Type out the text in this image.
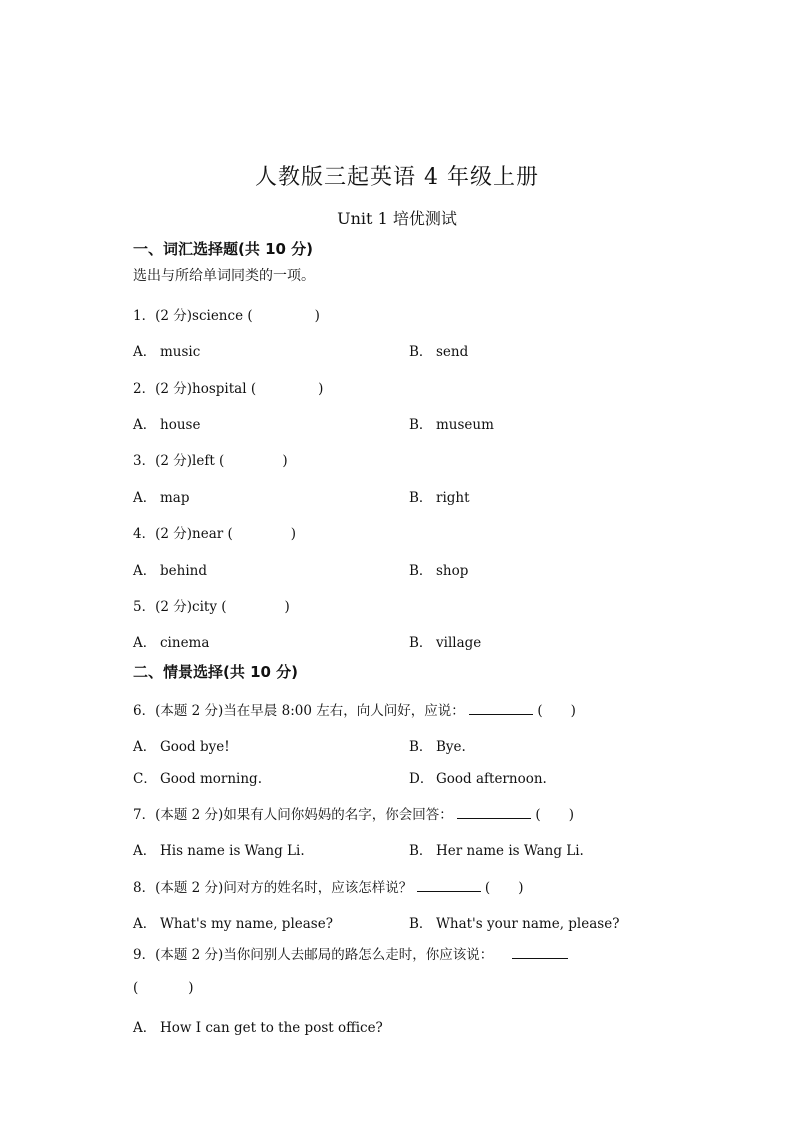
人教版三起英语 4 年级上册
Unit 1 培优测试
一、词汇选择题(共 10 分)
选出与所给单词同类的一项。
1．(2 分)science (	)
A． music	B． send
2．(2 分)hospital (	)
A． house	B． museum
3．(2 分)left (	)
A． map	B． right
4．(2 分)near (	)
A． behind	B． shop
5．(2 分)city (	)
A． cinema	B． village
二、情景选择(共 10 分)
6．(本题 2 分)当在早晨 8:00 左右，向人问好，应说：	( )
A． Good bye!	B． Bye.
C． Good morning.	D． Good afternoon.
7．(本题 2 分)如果有人问你妈妈的名字，你会回答：	( )
A． His name is Wang Li.	B． Her name is Wang Li.
8．(本题 2 分)问对方的姓名时，应该怎样说？	( )
A． What's my name, please?	B． What's your name, please?
9．(本题 2 分)当你问别人去邮局的路怎么走时，你应该说：
(	)
A． How I can get to the post office?
